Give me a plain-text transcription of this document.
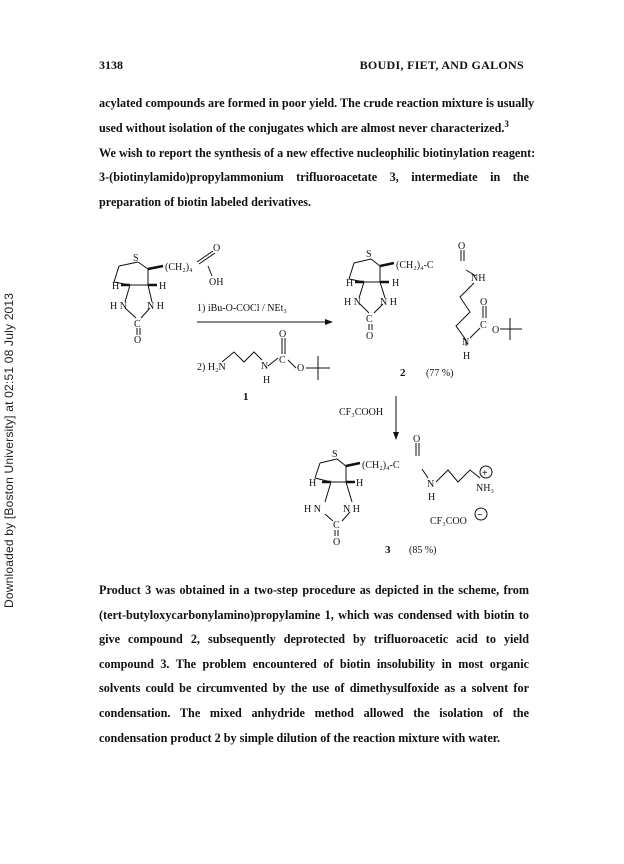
3138	BOUDI, FIET, AND GALONS
Downloaded by [Boston University] at 02:51 08 July 2013

acylated compounds are formed in poor yield. The crude reaction mixture is usually
used without isolation of the conjugates which are almost never characterized.$^3$
We wish to report the synthesis of a new effective nucleophilic biotinylation reagent:
3-(biotinylamido)propylammonium trifluoroacetate 3, intermediate in the
preparation of biotin labeled derivatives.

S
(CH₂)₄
O
OH
H	H
H N N H
C
O
1) iBu-O-COCl / NEt₃
2) H₂N	N
H
C
O
O
1
S
(CH₂)₄-C
O
NH
H	H
H N N H
C
O
O
C O
N
H
2 (77 %)
CF₃COOH
S
(CH₂)₄-C
O
N
H
+
NH₃
H	H
H N N H
C
O
CF₃COO
−
3 (85 %)

Product 3 was obtained in a two-step procedure as depicted in the scheme, from
(tert-butyloxycarbonylamino)propylamine 1, which was condensed with biotin to
give compound 2, subsequently deprotected by trifluoroacetic acid to yield
compound 3. The problem encountered of biotin insolubility in most organic
solvents could be circumvented by the use of dimethysulfoxide as a solvent for
condensation. The mixed anhydride method allowed the isolation of the
condensation product 2 by simple dilution of the reaction mixture with water.
